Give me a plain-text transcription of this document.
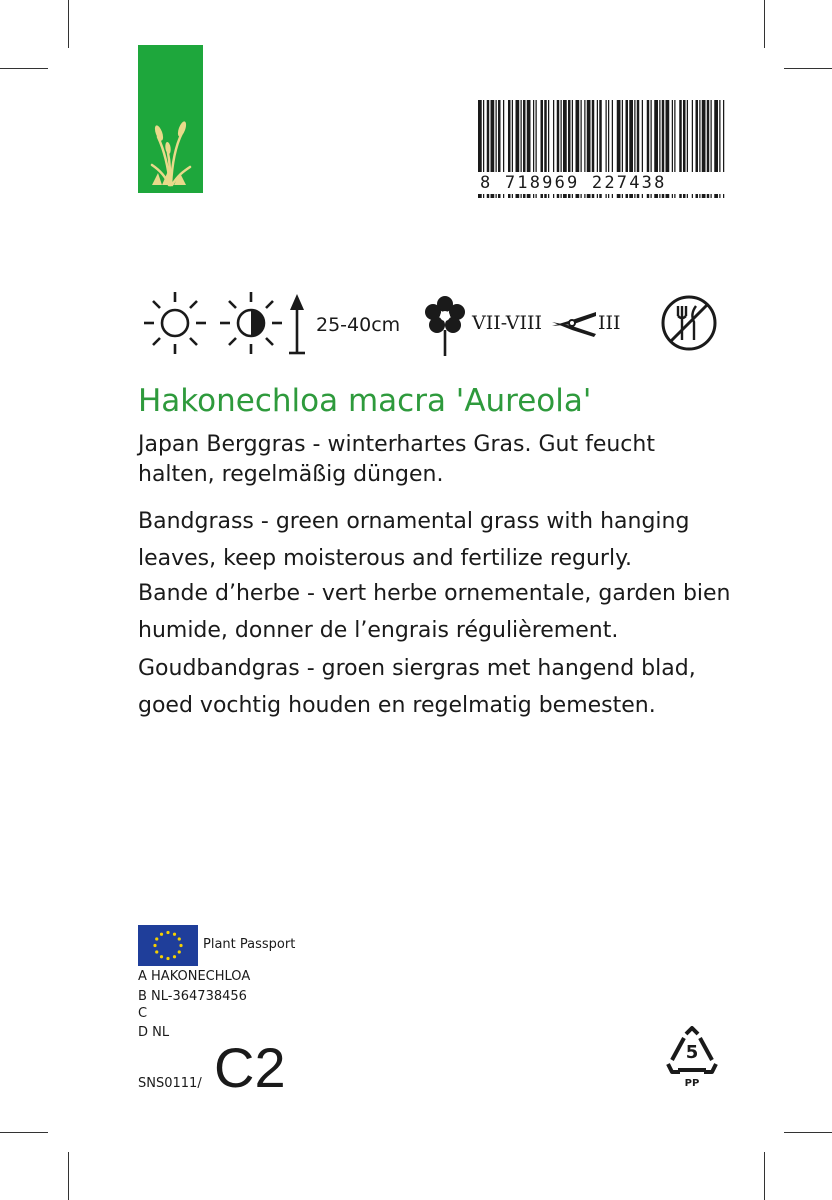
8 718969 227438
25-40cm	VII-VIII	III
Hakonechloa macra 'Aureola'
Japan Berggras - winterhartes Gras. Gut feucht halten, regelmäßig düngen.
Bandgrass - green ornamental grass with hanging leaves, keep moisterous and fertilize regurly.
Bande d’herbe - vert herbe ornementale, garden bien humide, donner de l’engrais régulièrement.
Goudbandgras - groen siergras met hangend blad, goed vochtig houden en regelmatig bemesten.
Plant Passport
A HAKONECHLOA
B NL-364738456
C
D NL
SNS0111/ C2	5
PP
